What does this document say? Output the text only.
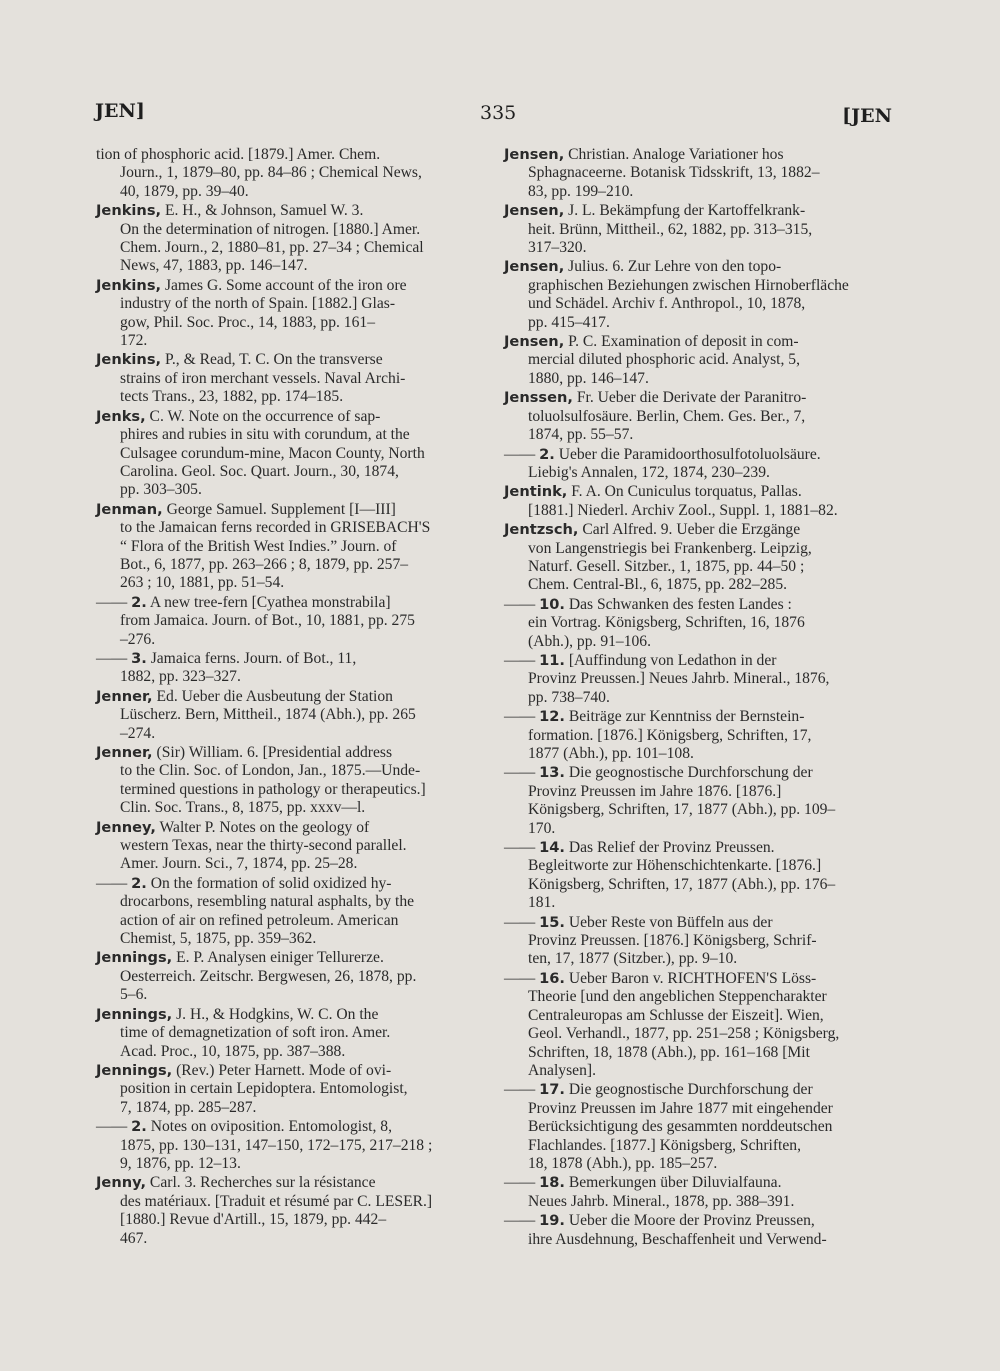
JEN]	335	[JEN
tion of phosphoric acid. [1879.] Amer. Chem.
Journ., 1, 1879–80, pp. 84–86 ; Chemical News,
40, 1879, pp. 39–40.
Jenkins, E. H., & Johnson, Samuel W. 3.
On the determination of nitrogen. [1880.] Amer.
Chem. Journ., 2, 1880–81, pp. 27–34 ; Chemical
News, 47, 1883, pp. 146–147.
Jenkins, James G. Some account of the iron ore
industry of the north of Spain. [1882.] Glas-
gow, Phil. Soc. Proc., 14, 1883, pp. 161–
172.
Jenkins, P., & Read, T. C. On the transverse
strains of iron merchant vessels. Naval Archi-
tects Trans., 23, 1882, pp. 174–185.
Jenks, C. W. Note on the occurrence of sap-
phires and rubies in situ with corundum, at the
Culsagee corundum-mine, Macon County, North
Carolina. Geol. Soc. Quart. Journ., 30, 1874,
pp. 303–305.
Jenman, George Samuel. Supplement [I—III]
to the Jamaican ferns recorded in GRISEBACH'S
“ Flora of the British West Indies.” Journ. of
Bot., 6, 1877, pp. 263–266 ; 8, 1879, pp. 257–
263 ; 10, 1881, pp. 51–54.
—— 2. A new tree-fern [Cyathea monstrabila]
from Jamaica. Journ. of Bot., 10, 1881, pp. 275
–276.
—— 3. Jamaica ferns. Journ. of Bot., 11,
1882, pp. 323–327.
Jenner, Ed. Ueber die Ausbeutung der Station
Lüscherz. Bern, Mittheil., 1874 (Abh.), pp. 265
–274.
Jenner, (Sir) William. 6. [Presidential address
to the Clin. Soc. of London, Jan., 1875.—Unde-
termined questions in pathology or therapeutics.]
Clin. Soc. Trans., 8, 1875, pp. xxxv—l.
Jenney, Walter P. Notes on the geology of
western Texas, near the thirty-second parallel.
Amer. Journ. Sci., 7, 1874, pp. 25–28.
—— 2. On the formation of solid oxidized hy-
drocarbons, resembling natural asphalts, by the
action of air on refined petroleum. American
Chemist, 5, 1875, pp. 359–362.
Jennings, E. P. Analysen einiger Tellurerze.
Oesterreich. Zeitschr. Bergwesen, 26, 1878, pp.
5–6.
Jennings, J. H., & Hodgkins, W. C. On the
time of demagnetization of soft iron. Amer.
Acad. Proc., 10, 1875, pp. 387–388.
Jennings, (Rev.) Peter Harnett. Mode of ovi-
position in certain Lepidoptera. Entomologist,
7, 1874, pp. 285–287.
—— 2. Notes on oviposition. Entomologist, 8,
1875, pp. 130–131, 147–150, 172–175, 217–218 ;
9, 1876, pp. 12–13.
Jenny, Carl. 3. Recherches sur la résistance
des matériaux. [Traduit et résumé par C. LESER.]
[1880.] Revue d'Artill., 15, 1879, pp. 442–
467.
Jensen, Christian. Analoge Variationer hos
Sphagnaceerne. Botanisk Tidsskrift, 13, 1882–
83, pp. 199–210.
Jensen, J. L. Bekämpfung der Kartoffelkrank-
heit. Brünn, Mittheil., 62, 1882, pp. 313–315,
317–320.
Jensen, Julius. 6. Zur Lehre von den topo-
graphischen Beziehungen zwischen Hirnoberfläche
und Schädel. Archiv f. Anthropol., 10, 1878,
pp. 415–417.
Jensen, P. C. Examination of deposit in com-
mercial diluted phosphoric acid. Analyst, 5,
1880, pp. 146–147.
Jenssen, Fr. Ueber die Derivate der Paranitro-
toluolsulfosäure. Berlin, Chem. Ges. Ber., 7,
1874, pp. 55–57.
—— 2. Ueber die Paramidoorthosulfotoluolsäure.
Liebig's Annalen, 172, 1874, 230–239.
Jentink, F. A. On Cuniculus torquatus, Pallas.
[1881.] Niederl. Archiv Zool., Suppl. 1, 1881–82.
Jentzsch, Carl Alfred. 9. Ueber die Erzgänge
von Langenstriegis bei Frankenberg. Leipzig,
Naturf. Gesell. Sitzber., 1, 1875, pp. 44–50 ;
Chem. Central-Bl., 6, 1875, pp. 282–285.
—— 10. Das Schwanken des festen Landes :
ein Vortrag. Königsberg, Schriften, 16, 1876
(Abh.), pp. 91–106.
—— 11. [Auffindung von Ledathon in der
Provinz Preussen.] Neues Jahrb. Mineral., 1876,
pp. 738–740.
—— 12. Beiträge zur Kenntniss der Bernstein-
formation. [1876.] Königsberg, Schriften, 17,
1877 (Abh.), pp. 101–108.
—— 13. Die geognostische Durchforschung der
Provinz Preussen im Jahre 1876. [1876.]
Königsberg, Schriften, 17, 1877 (Abh.), pp. 109–
170.
—— 14. Das Relief der Provinz Preussen.
Begleitworte zur Höhenschichtenkarte. [1876.]
Königsberg, Schriften, 17, 1877 (Abh.), pp. 176–
181.
—— 15. Ueber Reste von Büffeln aus der
Provinz Preussen. [1876.] Königsberg, Schrif-
ten, 17, 1877 (Sitzber.), pp. 9–10.
—— 16. Ueber Baron v. RICHTHOFEN'S Löss-
Theorie [und den angeblichen Steppencharakter
Centraleuropas am Schlusse der Eiszeit]. Wien,
Geol. Verhandl., 1877, pp. 251–258 ; Königsberg,
Schriften, 18, 1878 (Abh.), pp. 161–168 [Mit
Analysen].
—— 17. Die geognostische Durchforschung der
Provinz Preussen im Jahre 1877 mit eingehender
Berücksichtigung des gesammten norddeutschen
Flachlandes. [1877.] Königsberg, Schriften,
18, 1878 (Abh.), pp. 185–257.
—— 18. Bemerkungen über Diluvialfauna.
Neues Jahrb. Mineral., 1878, pp. 388–391.
—— 19. Ueber die Moore der Provinz Preussen,
ihre Ausdehnung, Beschaffenheit und Verwend-
